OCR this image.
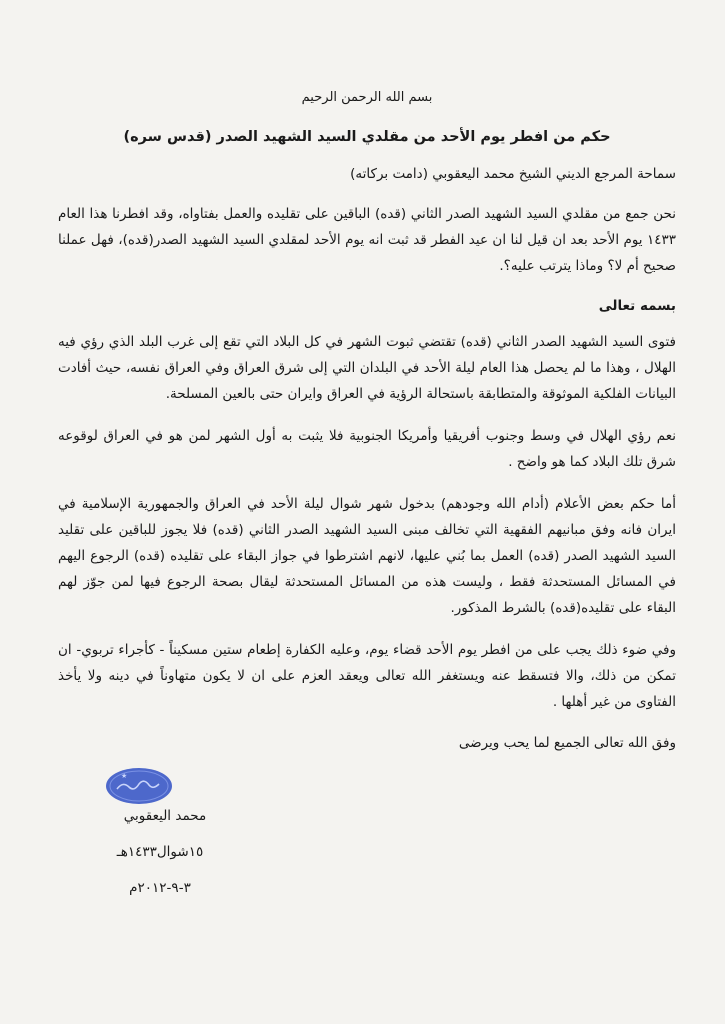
بسم الله الرحمن الرحيم
حكم من افطر يوم الأحد من مقلدي السيد الشهيد الصدر (قدس سره)
سماحة المرجع الديني الشيخ محمد اليعقوبي (دامت بركاته)

نحن جمع من مقلدي السيد الشهيد الصدر الثاني (قده) الباقين على تقليده والعمل بفتاواه، وقد افطرنا هذا العام ١٤٣٣ يوم الأحد بعد ان قيل لنا ان عيد الفطر قد ثبت انه يوم الأحد لمقلدي السيد الشهيد الصدر(قده)، فهل عملنا صحيح أم لا؟ وماذا يترتب عليه؟.

بسمه تعالى

فتوى السيد الشهيد الصدر الثاني (قده) تقتضي ثبوت الشهر في كل البلاد التي تقع إلى غرب البلد الذي رؤي فيه الهلال ، وهذا ما لم يحصل هذا العام ليلة الأحد في البلدان التي إلى شرق العراق وفي العراق نفسه، حيث أفادت البيانات الفلكية الموثوقة والمتطابقة باستحالة الرؤية في العراق وايران حتى بالعين المسلحة.

نعم رؤي الهلال في وسط وجنوب أفريقيا وأمريكا الجنوبية فلا يثبت به أول الشهر لمن هو في العراق لوقوعه شرق تلك البلاد كما هو واضح .

أما حكم بعض الأعلام (أدام الله وجودهم) بدخول شهر شوال ليلة الأحد في العراق والجمهورية الإسلامية في ايران فانه وفق مبانيهم الفقهية التي تخالف مبنى السيد الشهيد الصدر الثاني (قده) فلا يجوز للباقين على تقليد السيد الشهيد الصدر (قده) العمل بما بُني عليها، لانهم اشترطوا في جواز البقاء على تقليده (قده) الرجوع اليهم في المسائل المستحدثة فقط ، وليست هذه من المسائل المستحدثة ليقال بصحة الرجوع فيها لمن جوّز لهم البقاء على تقليده(قده) بالشرط المذكور.

وفي ضوء ذلك يجب على من افطر يوم الأحد قضاء يوم، وعليه الكفارة إطعام ستين مسكيناً - كأجراء تربوي- ان تمكن من ذلك، والا فتسقط عنه ويستغفر الله تعالى ويعقد العزم على ان لا يكون متهاوناً في دينه ولا يأخذ الفتاوى من غير أهلها .

وفق الله تعالى الجميع لما يحب ويرضى
★
محمد اليعقوبي
١٥شوال١٤٣٣هـ
٣-٩-٢٠١٢م
